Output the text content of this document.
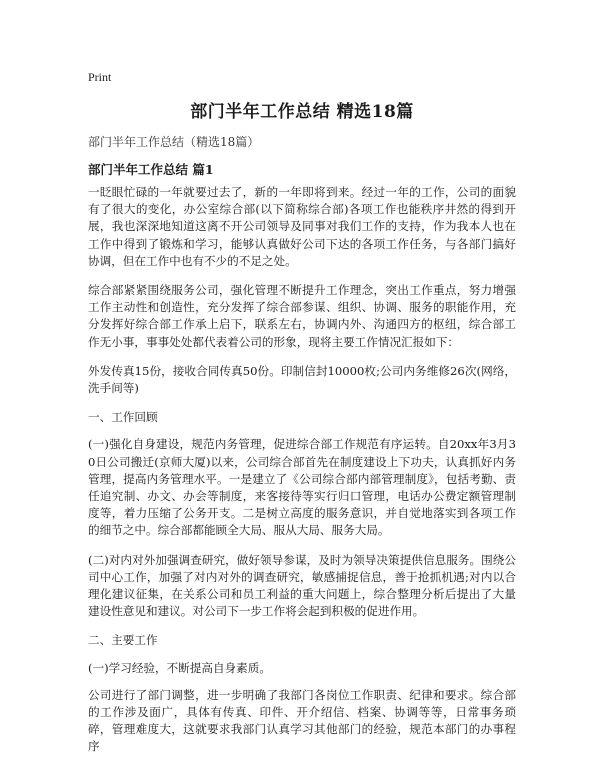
Print
部门半年工作总结 精选18篇
部门半年工作总结（精选18篇）
部门半年工作总结 篇1

一眨眼忙碌的一年就要过去了，新的一年即将到来。经过一年的工作，公司的面貌有了很大的变化，办公室综合部(以下简称综合部)各项工作也能秩序井然的得到开展，我也深深地知道这离不开公司领导及同事对我们工作的支持，作为我本人也在工作中得到了锻炼和学习，能够认真做好公司下达的各项工作任务，与各部门搞好协调，但在工作中也有不少的不足之处。

综合部紧紧围绕服务公司，强化管理不断提升工作理念，突出工作重点，努力增强工作主动性和创造性，充分发挥了综合部参谋、组织、协调、服务的职能作用，充分发挥好综合部工作承上启下，联系左右，协调内外、沟通四方的枢纽，综合部工作无小事，事事处处都代表着公司的形象，现将主要工作情况汇报如下：

外发传真15份，接收合同传真50份。印制信封10000枚;公司内务维修26次(网络，洗手间等)

一、工作回顾

(一)强化自身建设，规范内务管理，促进综合部工作规范有序运转。自20xx年3月30日公司搬迁(京师大厦)以来，公司综合部首先在制度建设上下功夫，认真抓好内务管理，提高内务管理水平。一是建立了《公司综合部内部管理制度》，包括考勤、责任追究制、办文、办会等制度，来客接待等实行归口管理，电话办公费定额管理制度等，着力压缩了公务开支。二是树立高度的服务意识，并自觉地落实到各项工作的细节之中。综合部都能顾全大局、服从大局、服务大局。

(二)对内对外加强调查研究，做好领导参谋，及时为领导决策提供信息服务。围绕公司中心工作，加强了对内对外的调查研究，敏感捕捉信息，善于抢抓机遇;对内以合理化建议征集，在关系公司和员工利益的重大问题上，综合整理分析后提出了大量建设性意见和建议。对公司下一步工作将会起到积极的促进作用。

二、主要工作

(一)学习经验，不断提高自身素质。

公司进行了部门调整，进一步明确了我部门各岗位工作职责、纪律和要求。综合部的工作涉及面广，具体有传真、印件、开介绍信、档案、协调等等，日常事务琐碎，管理难度大，这就要求我部门认真学习其他部门的经验，规范本部门的办事程序
